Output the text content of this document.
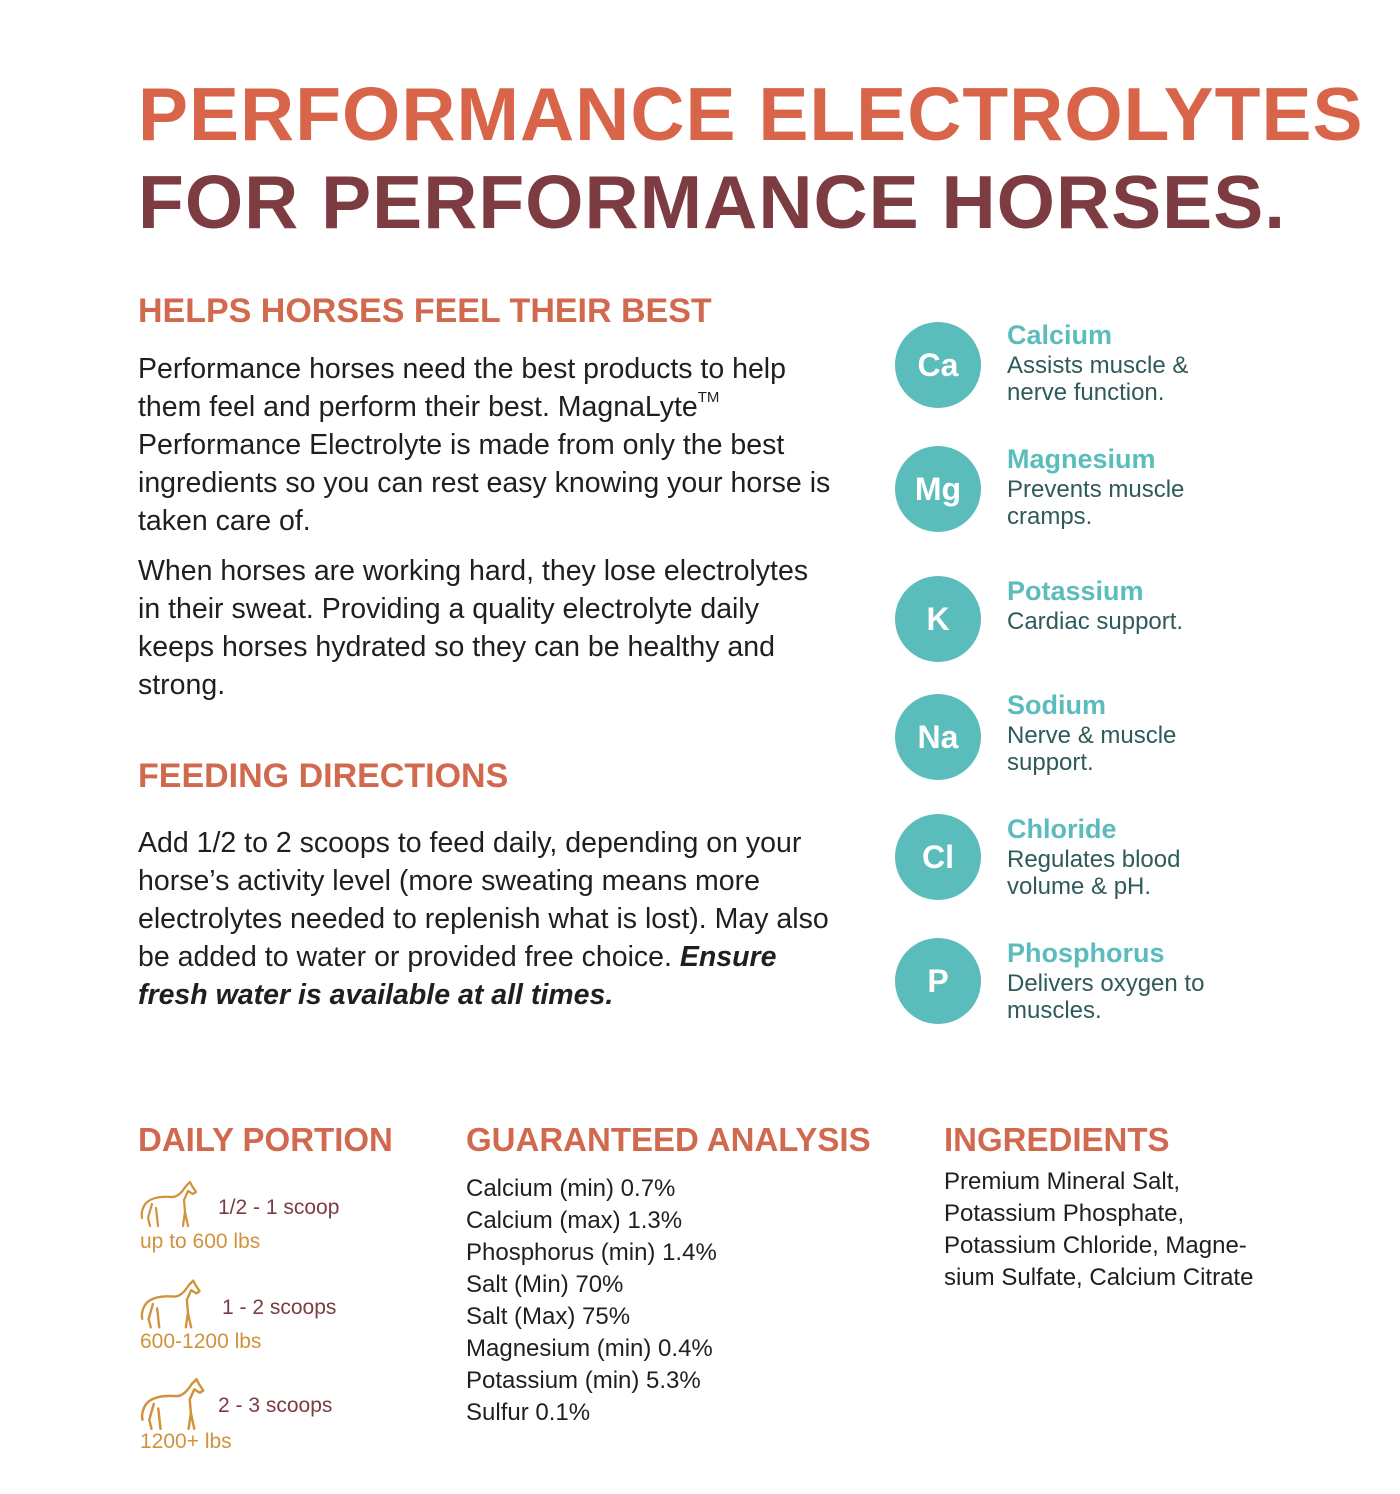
PERFORMANCE ELECTROLYTES
FOR PERFORMANCE HORSES.
HELPS HORSES FEEL THEIR BEST

Performance horses need the best products to help them feel and perform their best. MagnaLyte™ Performance Electrolyte is made from only the best ingredients so you can rest easy knowing your horse is taken care of.

When horses are working hard, they lose electrolytes in their sweat. Providing a quality electrolyte daily keeps horses hydrated so they can be healthy and strong.

FEEDING DIRECTIONS

Add 1/2 to 2 scoops to feed daily, depending on your horse’s activity level (more sweating means more electrolytes needed to replenish what is lost). May also be added to water or provided free choice. Ensure fresh water is available at all times.

Ca
Calcium
Assists muscle & nerve function.
Mg
Magnesium
Prevents muscle cramps.
K
Potassium
Cardiac support.
Na
Sodium
Nerve & muscle support.
Cl
Chloride
Regulates blood volume & pH.
P
Phosphorus
Delivers oxygen to muscles.
DAILY PORTION
1/2 - 1 scoop
up to 600 lbs
1 - 2 scoops
600-1200 lbs
2 - 3 scoops
1200+ lbs
GUARANTEED ANALYSIS
Calcium (min) 0.7%
Calcium (max) 1.3%
Phosphorus (min) 1.4%
Salt (Min) 70%
Salt (Max) 75%
Magnesium (min) 0.4%
Potassium (min) 5.3%
Sulfur 0.1%
INGREDIENTS
Premium Mineral Salt,
Potassium Phosphate,
Potassium Chloride, Magne-
sium Sulfate, Calcium Citrate
